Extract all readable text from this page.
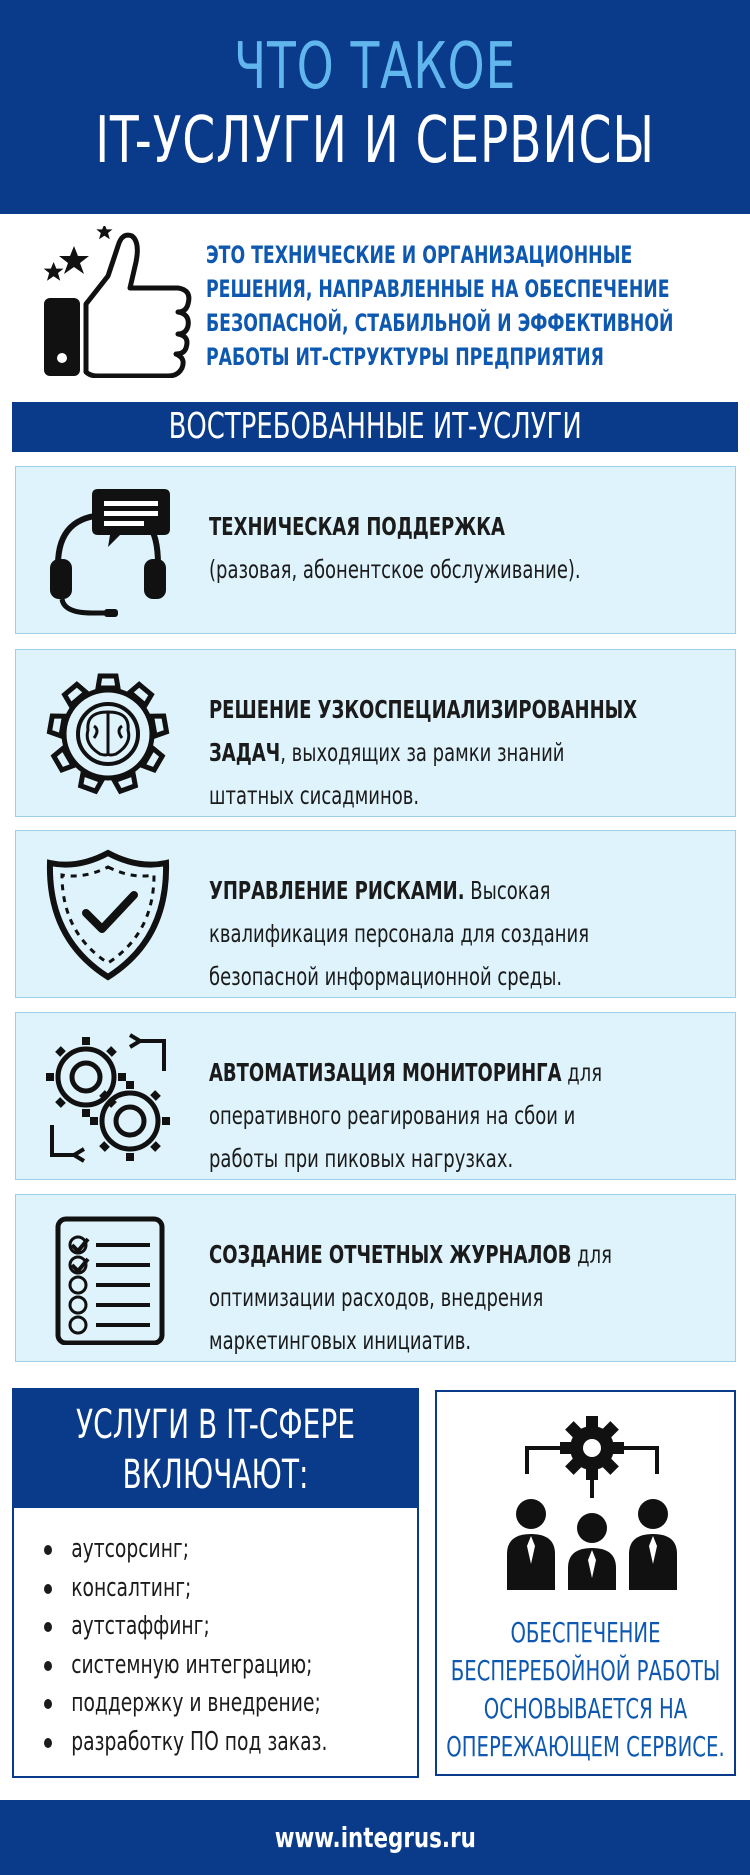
ЧТО ТАКОЕ
IT-УСЛУГИ И СЕРВИСЫ
ЭТО ТЕХНИЧЕСКИЕ И ОРГАНИЗАЦИОННЫЕ
РЕШЕНИЯ, НАПРАВЛЕННЫЕ НА ОБЕСПЕЧЕНИЕ
БЕЗОПАСНОЙ, СТАБИЛЬНОЙ И ЭФФЕКТИВНОЙ
РАБОТЫ ИТ-СТРУКТУРЫ ПРЕДПРИЯТИЯ
ВОСТРЕБОВАННЫЕ ИТ-УСЛУГИ
ТЕХНИЧЕСКАЯ ПОДДЕРЖКА
(разовая, абонентское обслуживание).
РЕШЕНИЕ УЗКОСПЕЦИАЛИЗИРОВАННЫХ
ЗАДАЧ, выходящих за рамки знаний
штатных сисадминов.
УПРАВЛЕНИЕ РИСКАМИ. Высокая
квалификация персонала для создания
безопасной информационной среды.
АВТОМАТИЗАЦИЯ МОНИТОРИНГА для
оперативного реагирования на сбои и
работы при пиковых нагрузках.
СОЗДАНИЕ ОТЧЕТНЫХ ЖУРНАЛОВ для
оптимизации расходов, внедрения
маркетинговых инициатив.
УСЛУГИ В IT-СФЕРЕ
ВКЛЮЧАЮТ:
аутсорсинг;
консалтинг;
аутстаффинг;
системную интеграцию;
поддержку и внедрение;
разработку ПО под заказ.
ОБЕСПЕЧЕНИЕ
БЕСПЕРЕБОЙНОЙ РАБОТЫ
ОСНОВЫВАЕТСЯ НА
ОПЕРЕЖАЮЩЕМ СЕРВИСЕ.
www.integrus.ru
